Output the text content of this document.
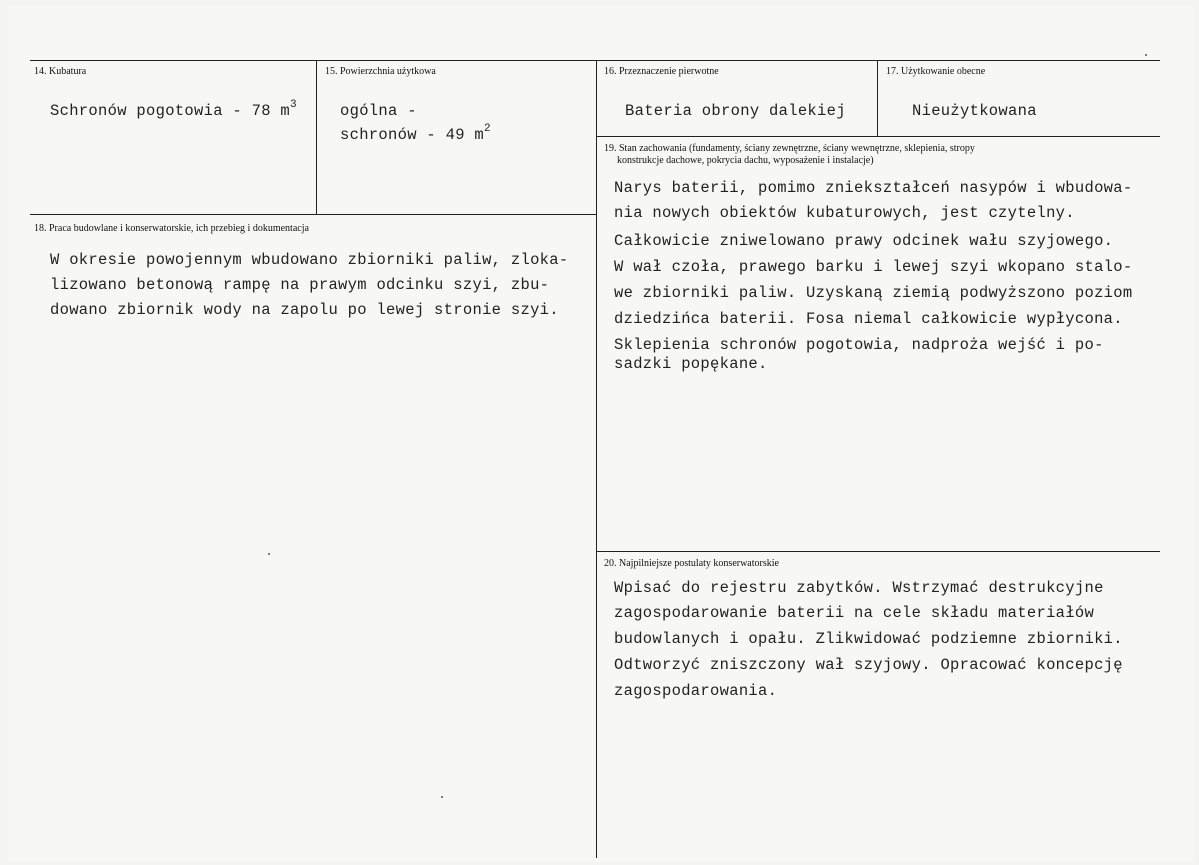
14. Kubatura
Schronów pogotowia - 78 $m^3$
15. Powierzchnia użytkowa
ogólna -
schronów - 49 $m^2$
16. Przeznaczenie pierwotne
Bateria obrony dalekiej
17. Użytkowanie obecne
Nieużytkowana
18. Praca budowlane i konserwatorskie, ich przebieg i dokumentacja
W okresie powojennym wbudowano zbiorniki paliw, zloka-
lizowano betonową rampę na prawym odcinku szyi, zbu-
dowano zbiornik wody na zapolu po lewej stronie szyi.
19. Stan zachowania (fundamenty, ściany zewnętrzne, ściany wewnętrzne, sklepienia, stropy
konstrukcje dachowe, pokrycia dachu, wyposażenie i instalacje)
Narys baterii, pomimo zniekształceń nasypów i wbudowa-
nia nowych obiektów kubaturowych, jest czytelny.
Całkowicie zniwelowano prawy odcinek wału szyjowego.
W wał czoła, prawego barku i lewej szyi wkopano stalo-
we zbiorniki paliw. Uzyskaną ziemią podwyższono poziom
dziedzińca baterii. Fosa niemal całkowicie wypłycona.
Sklepienia schronów pogotowia, nadproża wejść i po-
sadzki popękane.
20. Najpilniejsze postulaty konserwatorskie
Wpisać do rejestru zabytków. Wstrzymać destrukcyjne
zagospodarowanie baterii na cele składu materiałów
budowlanych i opału. Zlikwidować podziemne zbiorniki.
Odtworzyć zniszczony wał szyjowy. Opracować koncepcję
zagospodarowania.
